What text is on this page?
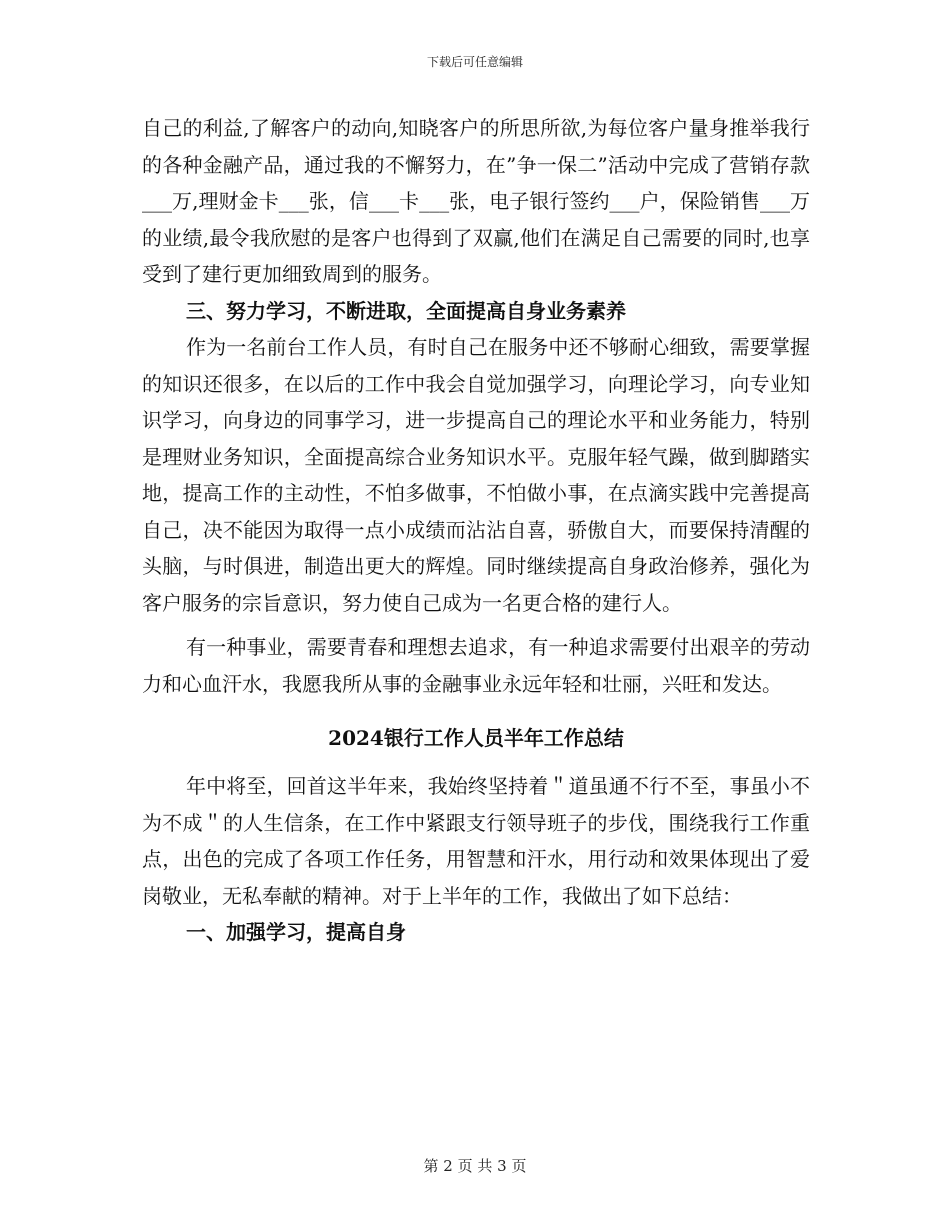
下载后可任意编辑

自己的利益,了解客户的动向,知晓客户的所思所欲,为每位客户量身推举我行的各种金融产品，通过我的不懈努力，在”争一保二”活动中完成了营销存款___万,理财金卡___张，信___卡___张，电子银行签约___户，保险销售___万的业绩,最令我欣慰的是客户也得到了双赢,他们在满足自己需要的同时,也享受到了建行更加细致周到的服务。

三、努力学习，不断进取，全面提高自身业务素养

作为一名前台工作人员，有时自己在服务中还不够耐心细致，需要掌握的知识还很多，在以后的工作中我会自觉加强学习，向理论学习，向专业知识学习，向身边的同事学习，进一步提高自己的理论水平和业务能力，特别是理财业务知识，全面提高综合业务知识水平。克服年轻气躁，做到脚踏实地，提高工作的主动性，不怕多做事，不怕做小事，在点滴实践中完善提高自己，决不能因为取得一点小成绩而沾沾自喜，骄傲自大，而要保持清醒的头脑，与时俱进，制造出更大的辉煌。同时继续提高自身政治修养，强化为客户服务的宗旨意识，努力使自己成为一名更合格的建行人。

有一种事业，需要青春和理想去追求，有一种追求需要付出艰辛的劳动力和心血汗水，我愿我所从事的金融事业永远年轻和壮丽，兴旺和发达。

2024银行工作人员半年工作总结

年中将至，回首这半年来，我始终坚持着＂道虽通不行不至，事虽小不为不成＂的人生信条，在工作中紧跟支行领导班子的步伐，围绕我行工作重点，出色的完成了各项工作任务，用智慧和汗水，用行动和效果体现出了爱岗敬业，无私奉献的精神。对于上半年的工作，我做出了如下总结：

一、加强学习，提高自身

第 2 页 共 3 页
